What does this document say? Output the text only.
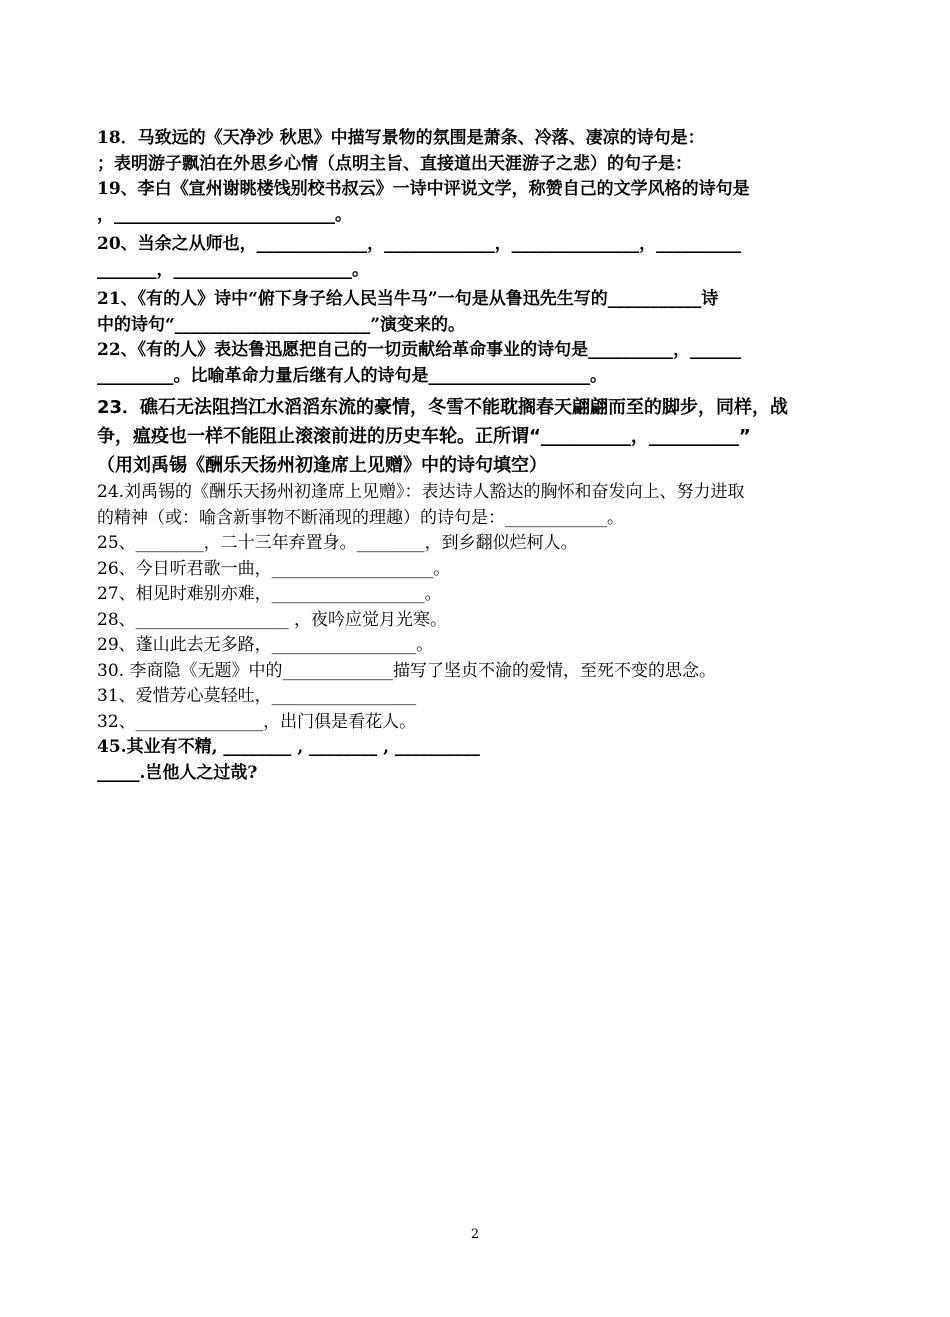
18．马致远的《天净沙 秋思》中描写景物的氛围是萧条、冷落、凄凉的诗句是：
；表明游子飘泊在外思乡心情（点明主旨、直接道出天涯游子之悲）的句子是：
19、李白《宣州谢眺楼饯别校书叔云》一诗中评说文学，称赞自己的文学风格的诗句是
，__________________________。
20、当余之从师也，_____________，_____________，_______________，__________
_______，_____________________。
21、《有的人》诗中“俯下身子给人民当牛马”一句是从鲁迅先生写的___________诗
中的诗句“_______________________”演变来的。
22、《有的人》表达鲁迅愿把自己的一切贡献给革命事业的诗句是__________，______
_________。比喻革命力量后继有人的诗句是___________________。
23．礁石无法阻挡江水滔滔东流的豪情，冬雪不能耽搁春天翩翩而至的脚步，同样，战
争，瘟疫也一样不能阻止滚滚前进的历史车轮。正所谓“__________，__________”
（用刘禹锡《酬乐天扬州初逢席上见赠》中的诗句填空）
24.刘禹锡的《酬乐天扬州初逢席上见赠》：表达诗人豁达的胸怀和奋发向上、努力进取
的精神（或：喻含新事物不断涌现的理趣）的诗句是：____________。
25、________，二十三年弃置身。________，到乡翻似烂柯人。
26、今日听君歌一曲，___________________。
27、相见时难别亦难，__________________。
28、__________________ ，夜吟应觉月光寒。
29、蓬山此去无多路，_________________。
30. 李商隐《无题》中的_____________描写了坚贞不渝的爱情，至死不变的思念。
31、爱惜芳心莫轻吐，_________________
32、_______________，出门俱是看花人。
45.其业有不精, ________ , ________ , __________
_____.岂他人之过哉?
2
